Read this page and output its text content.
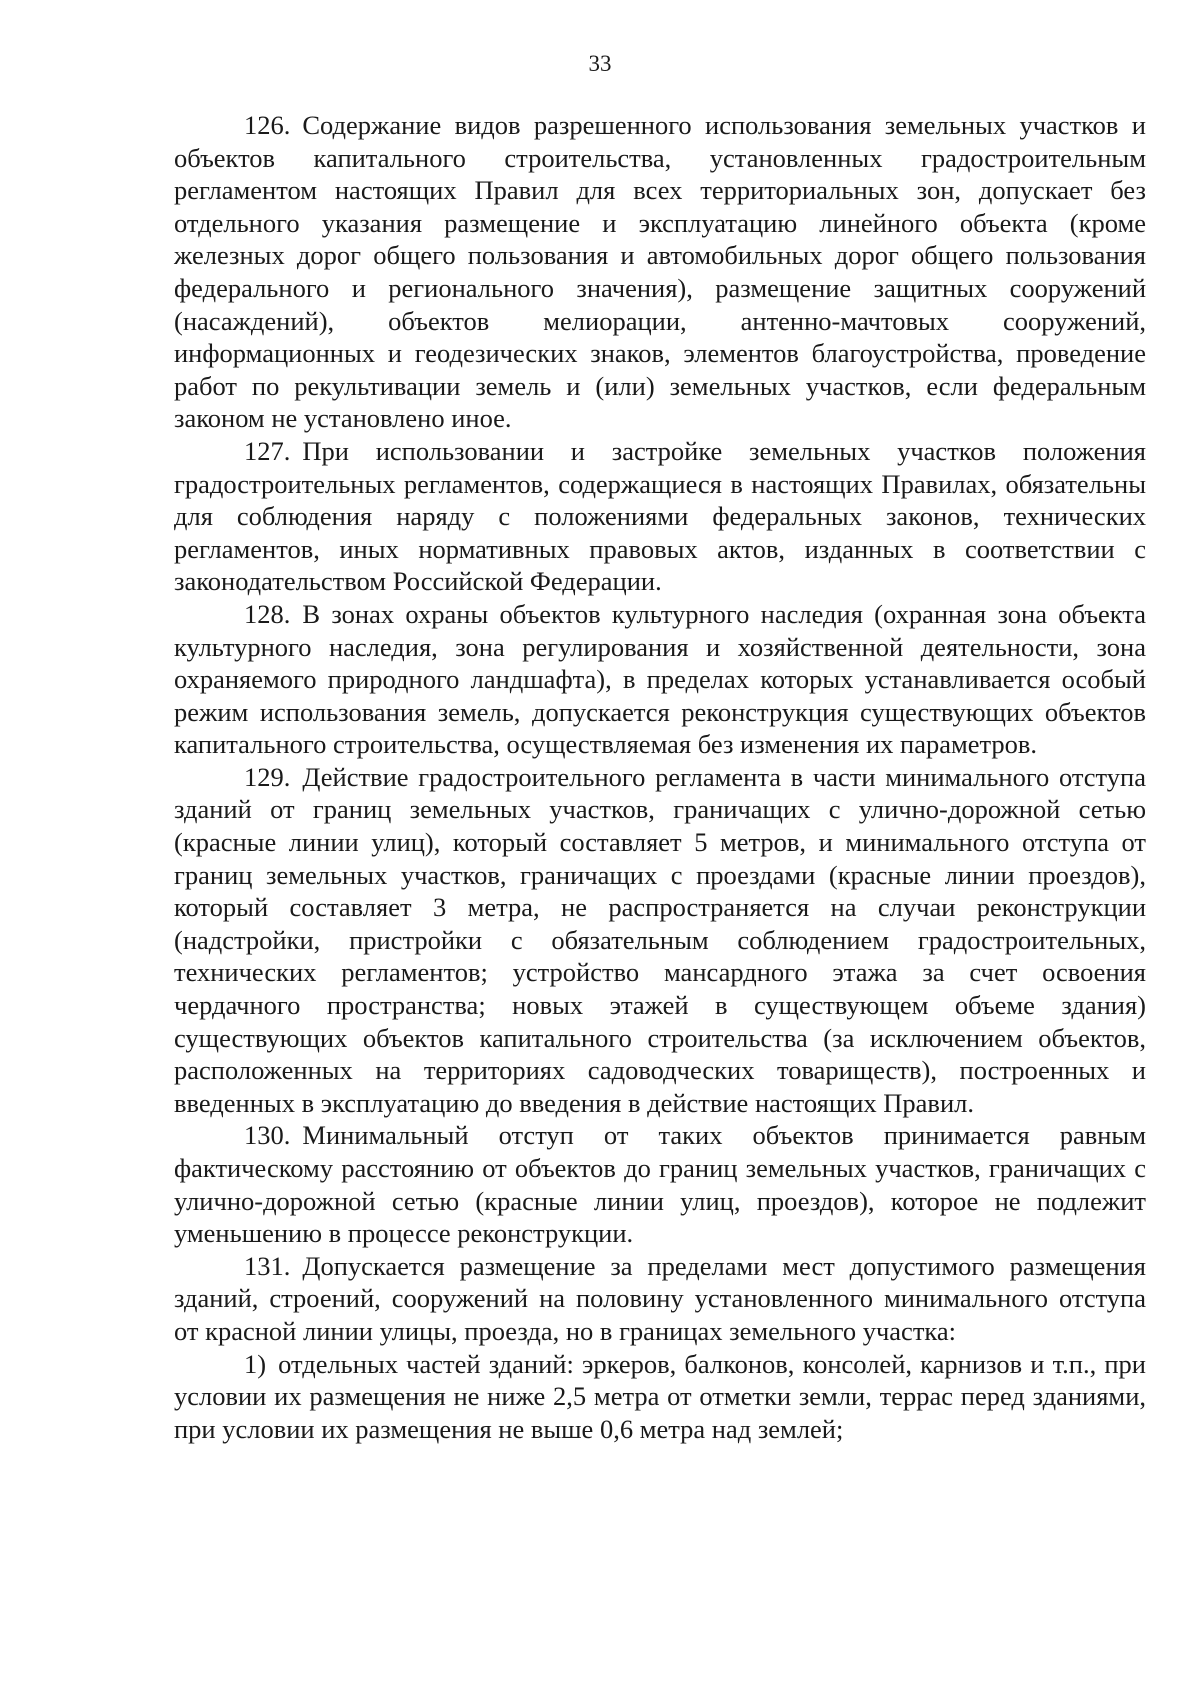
33

126. Содержание видов разрешенного использования земельных участков и объектов капитального строительства, установленных градостроительным регламентом настоящих Правил для всех территориальных зон, допускает без отдельного указания размещение и эксплуатацию линейного объекта (кроме железных дорог общего пользования и автомобильных дорог общего пользования федерального и регионального значения), размещение защитных сооружений (насаждений), объектов мелиорации, антенно-мачтовых сооружений, информационных и геодезических знаков, элементов благоустройства, проведение работ по рекультивации земель и (или) земельных участков, если федеральным законом не установлено иное.

127. При использовании и застройке земельных участков положения градостроительных регламентов, содержащиеся в настоящих Правилах, обязательны для соблюдения наряду с положениями федеральных законов, технических регламентов, иных нормативных правовых актов, изданных в соответствии с законодательством Российской Федерации.

128. В зонах охраны объектов культурного наследия (охранная зона объекта культурного наследия, зона регулирования и хозяйственной деятельности, зона охраняемого природного ландшафта), в пределах которых устанавливается особый режим использования земель, допускается реконструкция существующих объектов капитального строительства, осуществляемая без изменения их параметров.

129. Действие градостроительного регламента в части минимального отступа зданий от границ земельных участков, граничащих с улично-дорожной сетью (красные линии улиц), который составляет 5 метров, и минимального отступа от границ земельных участков, граничащих с проездами (красные линии проездов), который составляет 3 метра, не распространяется на случаи реконструкции (надстройки, пристройки с обязательным соблюдением градостроительных, технических регламентов; устройство мансардного этажа за счет освоения чердачного пространства; новых этажей в существующем объеме здания) существующих объектов капитального строительства (за исключением объектов, расположенных на территориях садоводческих товариществ), построенных и введенных в эксплуатацию до введения в действие настоящих Правил.

130. Минимальный отступ от таких объектов принимается равным фактическому расстоянию от объектов до границ земельных участков, граничащих с улично-дорожной сетью (красные линии улиц, проездов), которое не подлежит уменьшению в процессе реконструкции.

131. Допускается размещение за пределами мест допустимого размещения зданий, строений, сооружений на половину установленного минимального отступа от красной линии улицы, проезда, но в границах земельного участка:

1) отдельных частей зданий: эркеров, балконов, консолей, карнизов и т.п., при условии их размещения не ниже 2,5 метра от отметки земли, террас перед зданиями, при условии их размещения не выше 0,6 метра над землей;
